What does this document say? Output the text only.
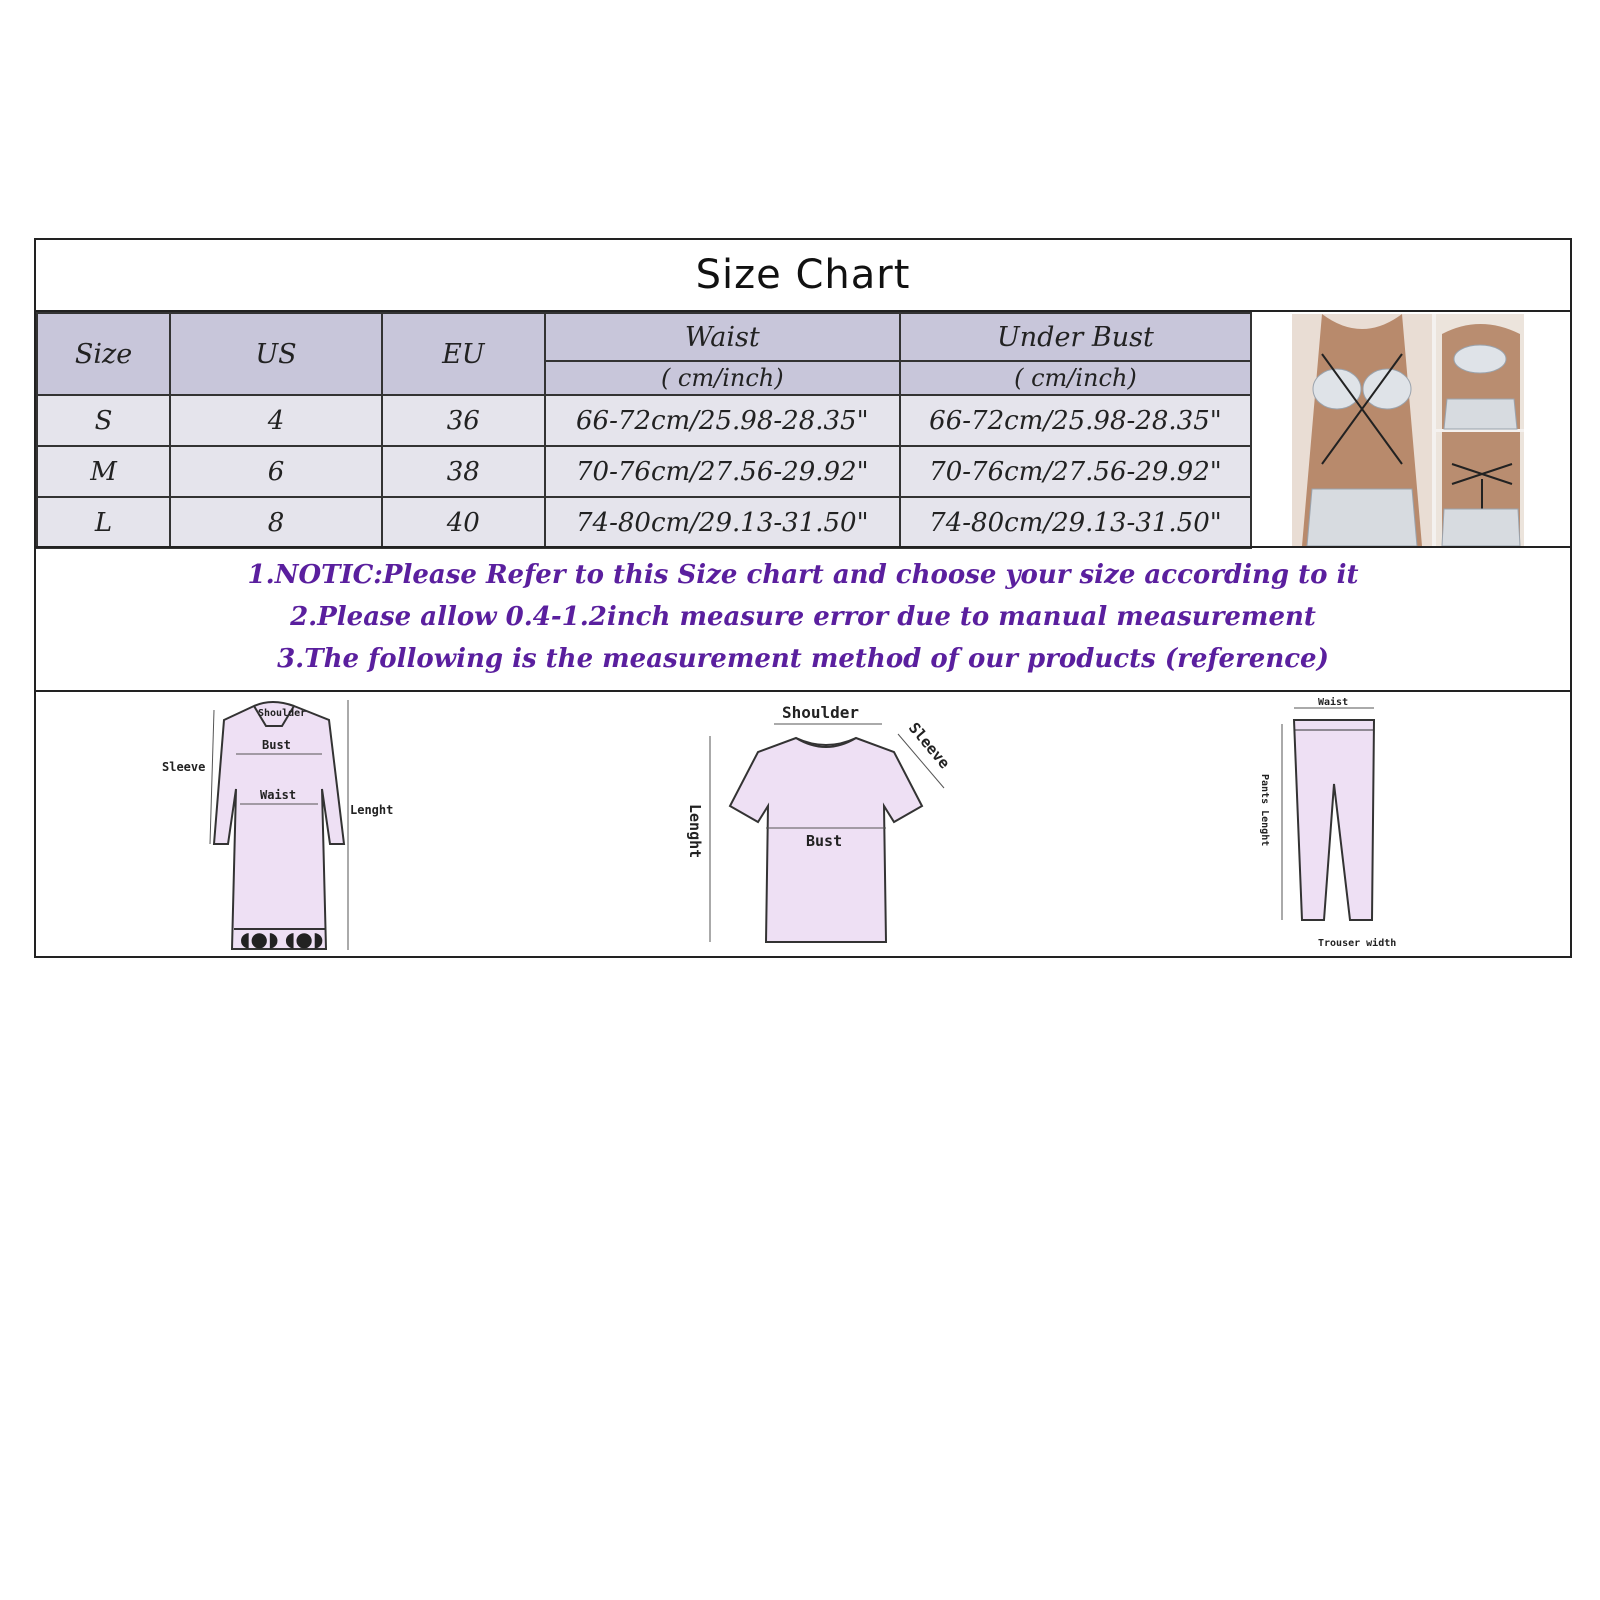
Size Chart
Size	US	EU	Waist	Under Bust
			( cm/inch)	( cm/inch)
S	4	36	66-72cm/25.98-28.35"	66-72cm/25.98-28.35"
M	6	38	70-76cm/27.56-29.92"	70-76cm/27.56-29.92"
L	8	40	74-80cm/29.13-31.50"	74-80cm/29.13-31.50"
1.NOTIC:Please Refer to this Size chart and choose your size according to it
2.Please allow 0.4-1.2inch measure error due to manual measurement
3.The following is the measurement method of our products (reference)
Shoulder
Bust
Waist
Sleeve
Lenght
◖●◗ ◖●◗
Bust
Shoulder
Sleeve
Lenght
Waist
Pants Lenght
Trouser width
